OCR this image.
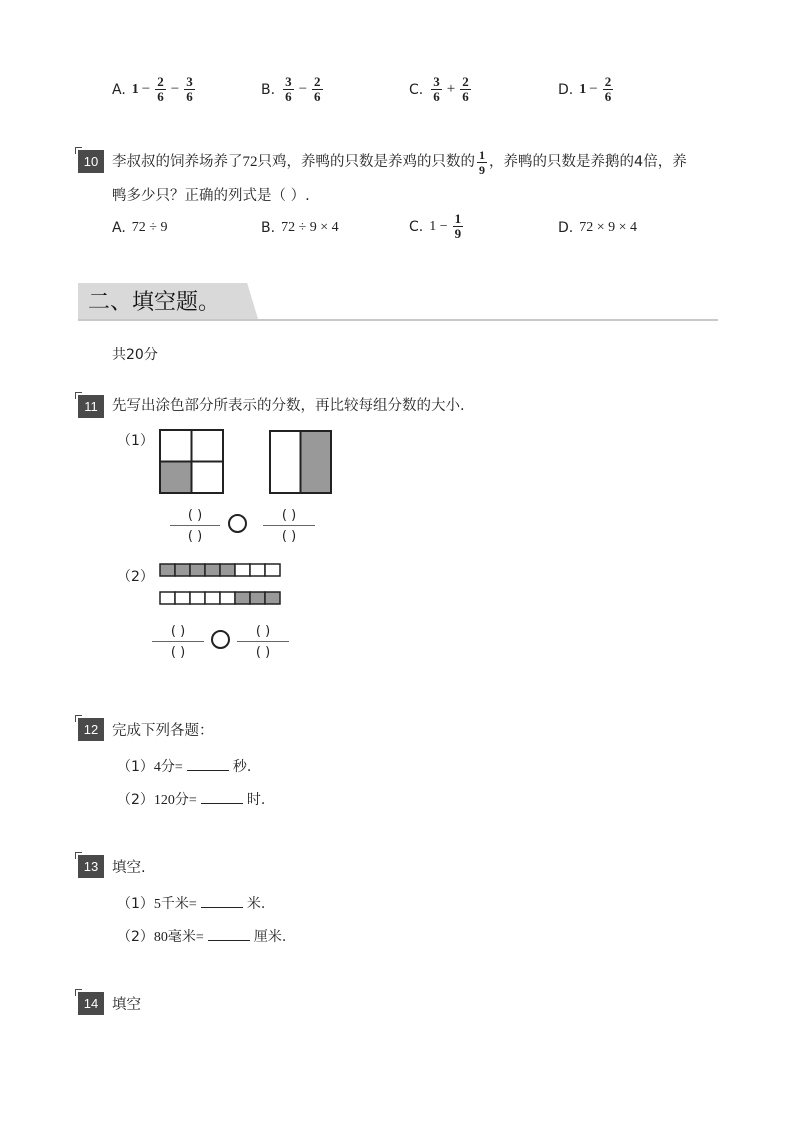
A. $1 - \frac{2}{6} - \frac{3}{6}$	B. $\frac{3}{6} - \frac{2}{6}$	C. $\frac{3}{6} + \frac{2}{6}$	D. $1 - \frac{2}{6}$
10 李叔叔的饲养场养了72只鸡，养鸭的只数是养鸡的只数的 $\frac{1}{9}$ ，养鸭的只数是养鹅的4倍，养
鸭多少只？正确的列式是（ ）.
A. 72 ÷ 9	B. 72 ÷ 9 × 4	C. $1 - \frac{1}{9}$	D. 72 × 9 × 4
二、填空题。
共20分
11 先写出涂色部分所表示的分数，再比较每组分数的大小.
（1）
( )
( )
( )
( )
（2）
( )
( )
( )
( )
12 完成下列各题：
（1）4分=	秒.
（2）120分=	时.
13 填空.
（1）5千米=	米.
（2）80毫米=	厘米.
14 填空
